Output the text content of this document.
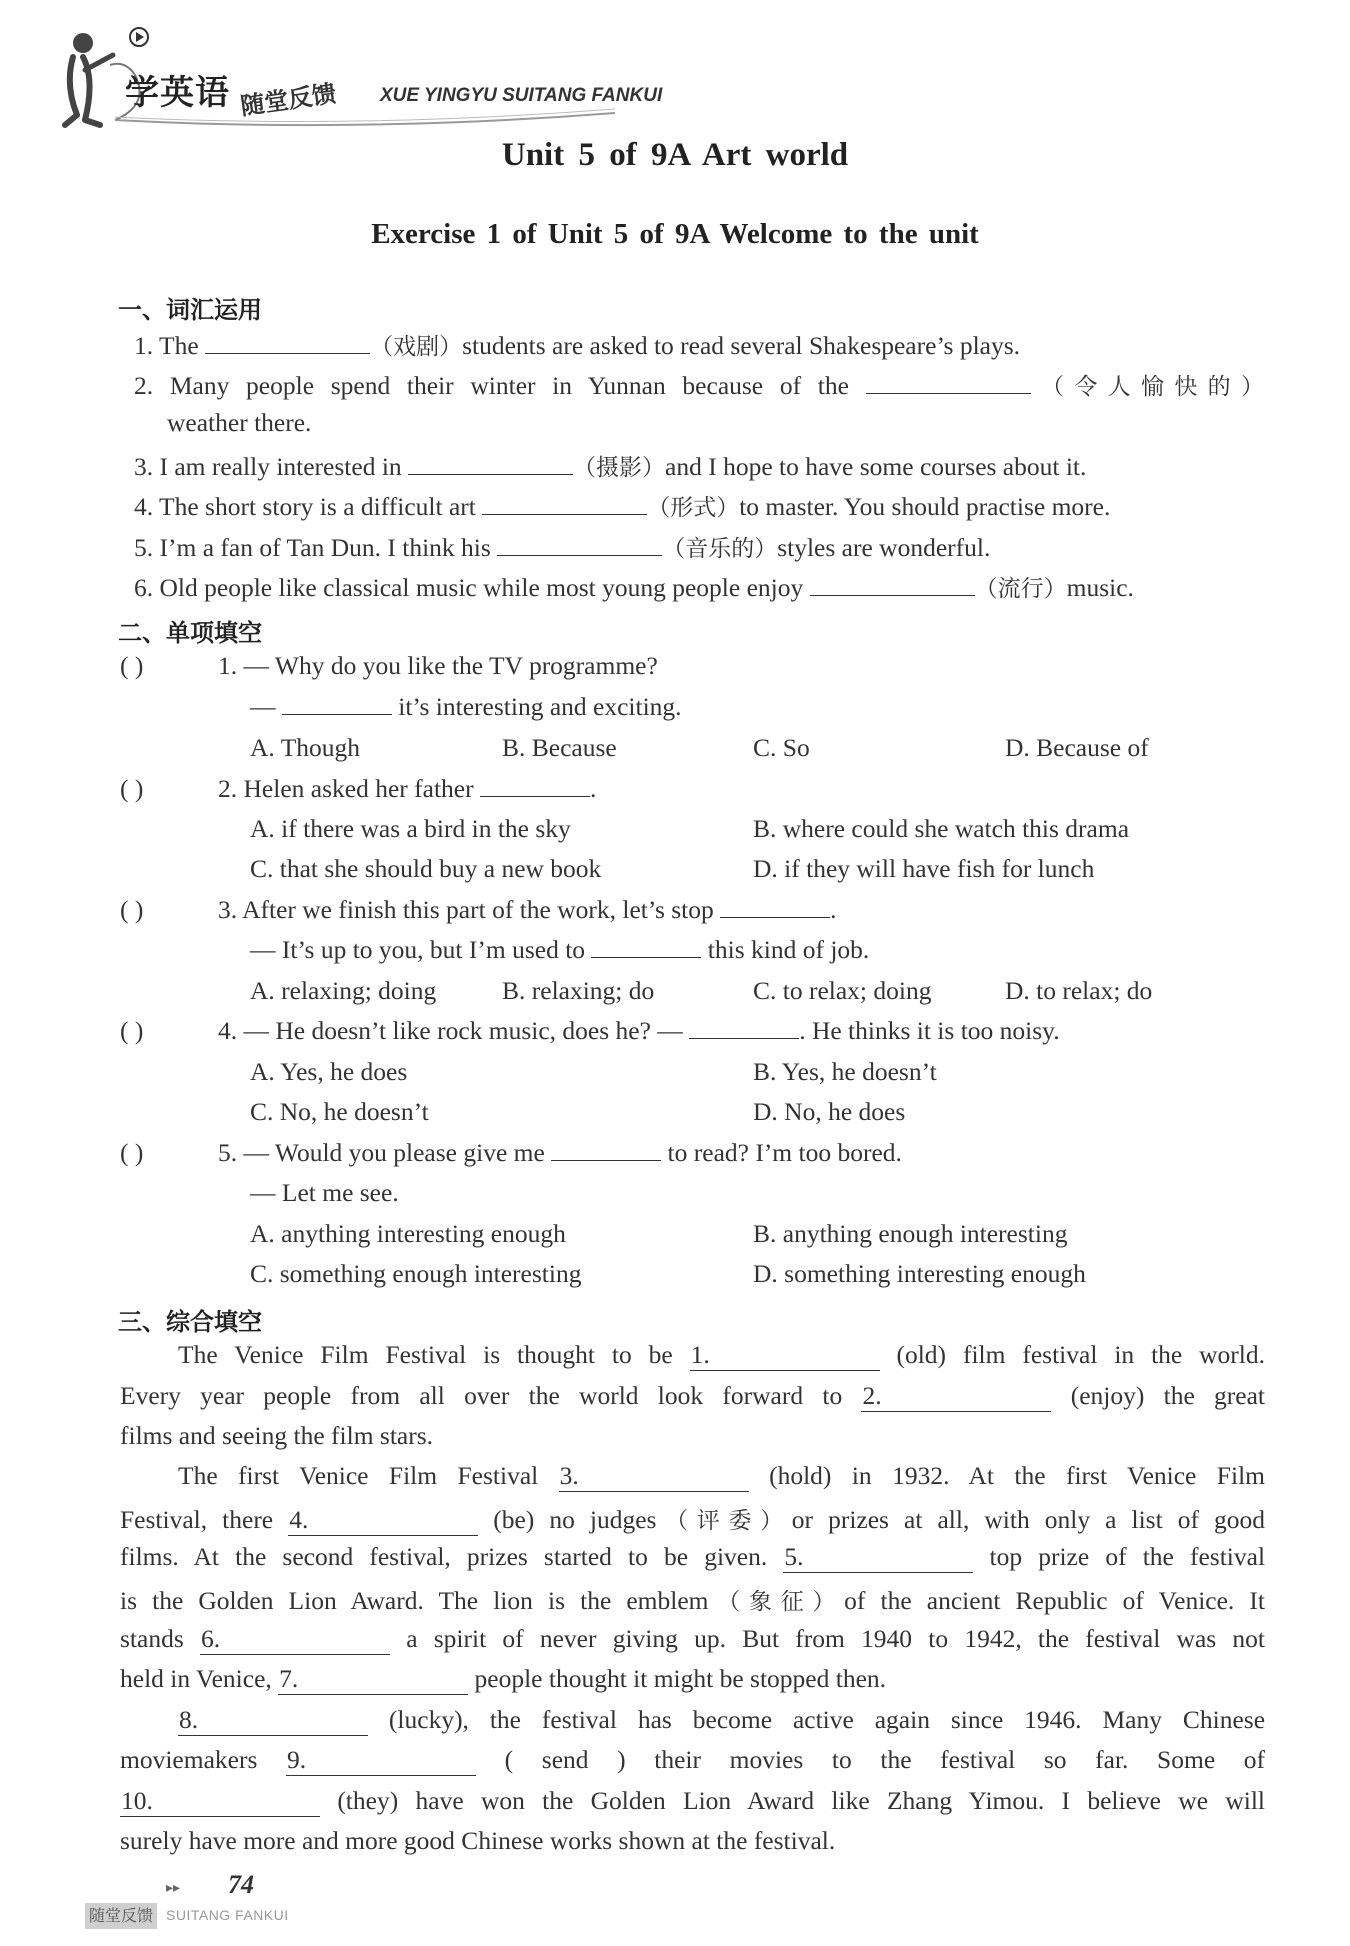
学英语 随堂反馈 XUE YINGYU SUITANG FANKUI
Unit 5 of 9A Art world
Exercise 1 of Unit 5 of 9A Welcome to the unit
一、词汇运用
1. The	（戏剧）students are asked to read several Shakespeare’s plays.
2. Many people spend their winter in Yunnan because of the	（令人愉快的）
weather there.
3. I am really interested in	（摄影）and I hope to have some courses about it.
4. The short story is a difficult art	（形式）to master. You should practise more.
5. I’m a fan of Tan Dun. I think his	（音乐的）styles are wonderful.
6. Old people like classical music while most young people enjoy	（流行）music.
二、单项填空
( )	1. — Why do you like the TV programme?
—	it’s interesting and exciting.
A. Though	B. Because	C. So	D. Because of
( )	2. Helen asked her father	.
A. if there was a bird in the sky	B. where could she watch this drama
C. that she should buy a new book	D. if they will have fish for lunch
( )	3. After we finish this part of the work, let’s stop	.
— It’s up to you, but I’m used to	this kind of job.
A. relaxing; doing	B. relaxing; do	C. to relax; doing	D. to relax; do
( )	4. — He doesn’t like rock music, does he? —	. He thinks it is too noisy.
A. Yes, he does	B. Yes, he doesn’t
C. No, he doesn’t	D. No, he does
( )	5. — Would you please give me	to read? I’m too bored.
— Let me see.
A. anything interesting enough	B. anything enough interesting
C. something enough interesting	D. something interesting enough
三、综合填空
The Venice Film Festival is thought to be 1.	(old) film festival in the world.
Every year people from all over the world look forward to 2.	(enjoy) the great
films and seeing the film stars.
The first Venice Film Festival 3.	(hold) in 1932. At the first Venice Film
Festival, there 4.	(be) no judges（评委）or prizes at all, with only a list of good
films. At the second festival, prizes started to be given. 5.	top prize of the festival
is the Golden Lion Award. The lion is the emblem（象征）of the ancient Republic of Venice. It
stands 6.	a spirit of never giving up. But from 1940 to 1942, the festival was not
held in Venice, 7.	people thought it might be stopped then.
8.	(lucky), the festival has become active again since 1946. Many Chinese
moviemakers 9.	( send ) their movies to the festival so far. Some of
10.	(they) have won the Golden Lion Award like Zhang Yimou. I believe we will
surely have more and more good Chinese works shown at the festival.
▸▸ 74
随堂反馈 SUITANG FANKUI
